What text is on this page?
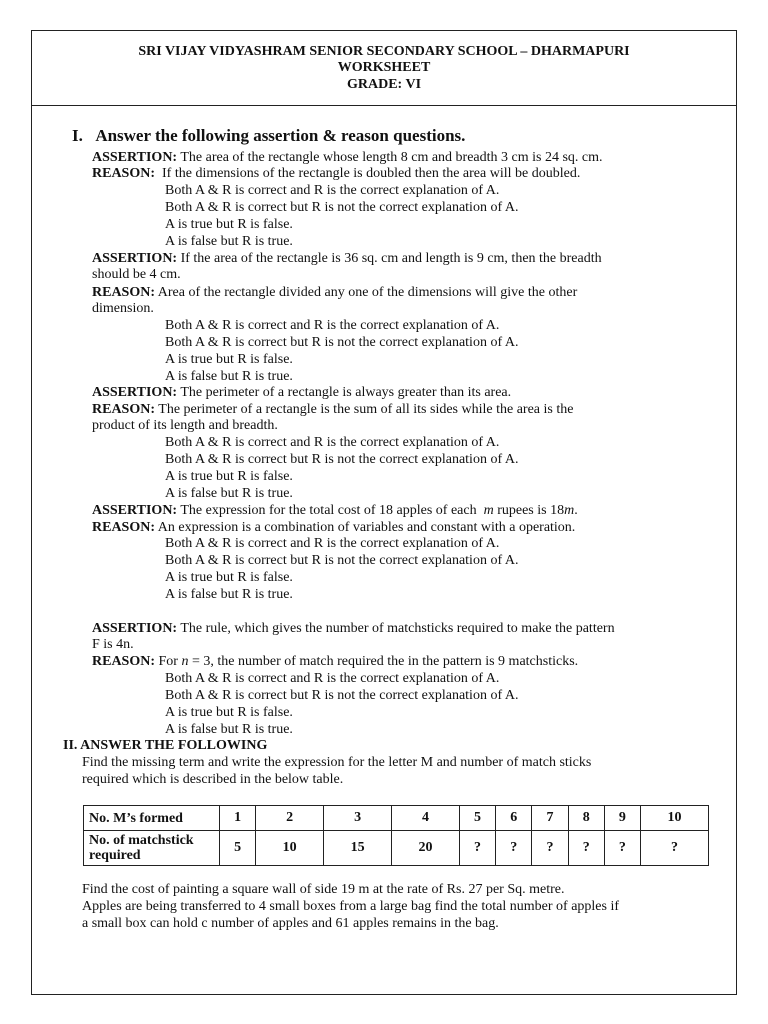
SRI VIJAY VIDYASHRAM SENIOR SECONDARY SCHOOL – DHARMAPURI
WORKSHEET
GRADE: VI
I. Answer the following assertion & reason questions.
ASSERTION: The area of the rectangle whose length 8 cm and breadth 3 cm is 24 sq. cm.
REASON: If the dimensions of the rectangle is doubled then the area will be doubled.
Both A & R is correct and R is the correct explanation of A.
Both A & R is correct but R is not the correct explanation of A.
A is true but R is false.
A is false but R is true.
ASSERTION: If the area of the rectangle is 36 sq. cm and length is 9 cm, then the breadth
should be 4 cm.
REASON: Area of the rectangle divided any one of the dimensions will give the other
dimension.
Both A & R is correct and R is the correct explanation of A.
Both A & R is correct but R is not the correct explanation of A.
A is true but R is false.
A is false but R is true.
ASSERTION: The perimeter of a rectangle is always greater than its area.
REASON: The perimeter of a rectangle is the sum of all its sides while the area is the
product of its length and breadth.
Both A & R is correct and R is the correct explanation of A.
Both A & R is correct but R is not the correct explanation of A.
A is true but R is false.
A is false but R is true.
ASSERTION: The expression for the total cost of 18 apples of each m rupees is 18m.
REASON: An expression is a combination of variables and constant with a operation.
Both A & R is correct and R is the correct explanation of A.
Both A & R is correct but R is not the correct explanation of A.
A is true but R is false.
A is false but R is true.
ASSERTION: The rule, which gives the number of matchsticks required to make the pattern
F is 4n.
REASON: For n = 3, the number of match required the in the pattern is 9 matchsticks.
Both A & R is correct and R is the correct explanation of A.
Both A & R is correct but R is not the correct explanation of A.
A is true but R is false.
A is false but R is true.
II. ANSWER THE FOLLOWING
Find the missing term and write the expression for the letter M and number of match sticks
required which is described in the below table.
No. M’s formed	1	2	3	4	5	6	7	8	9	10
No. of matchstick
required	5	10	15	20	?	?	?	?	?	?
Find the cost of painting a square wall of side 19 m at the rate of Rs. 27 per Sq. metre.
Apples are being transferred to 4 small boxes from a large bag find the total number of apples if
a small box can hold c number of apples and 61 apples remains in the bag.
